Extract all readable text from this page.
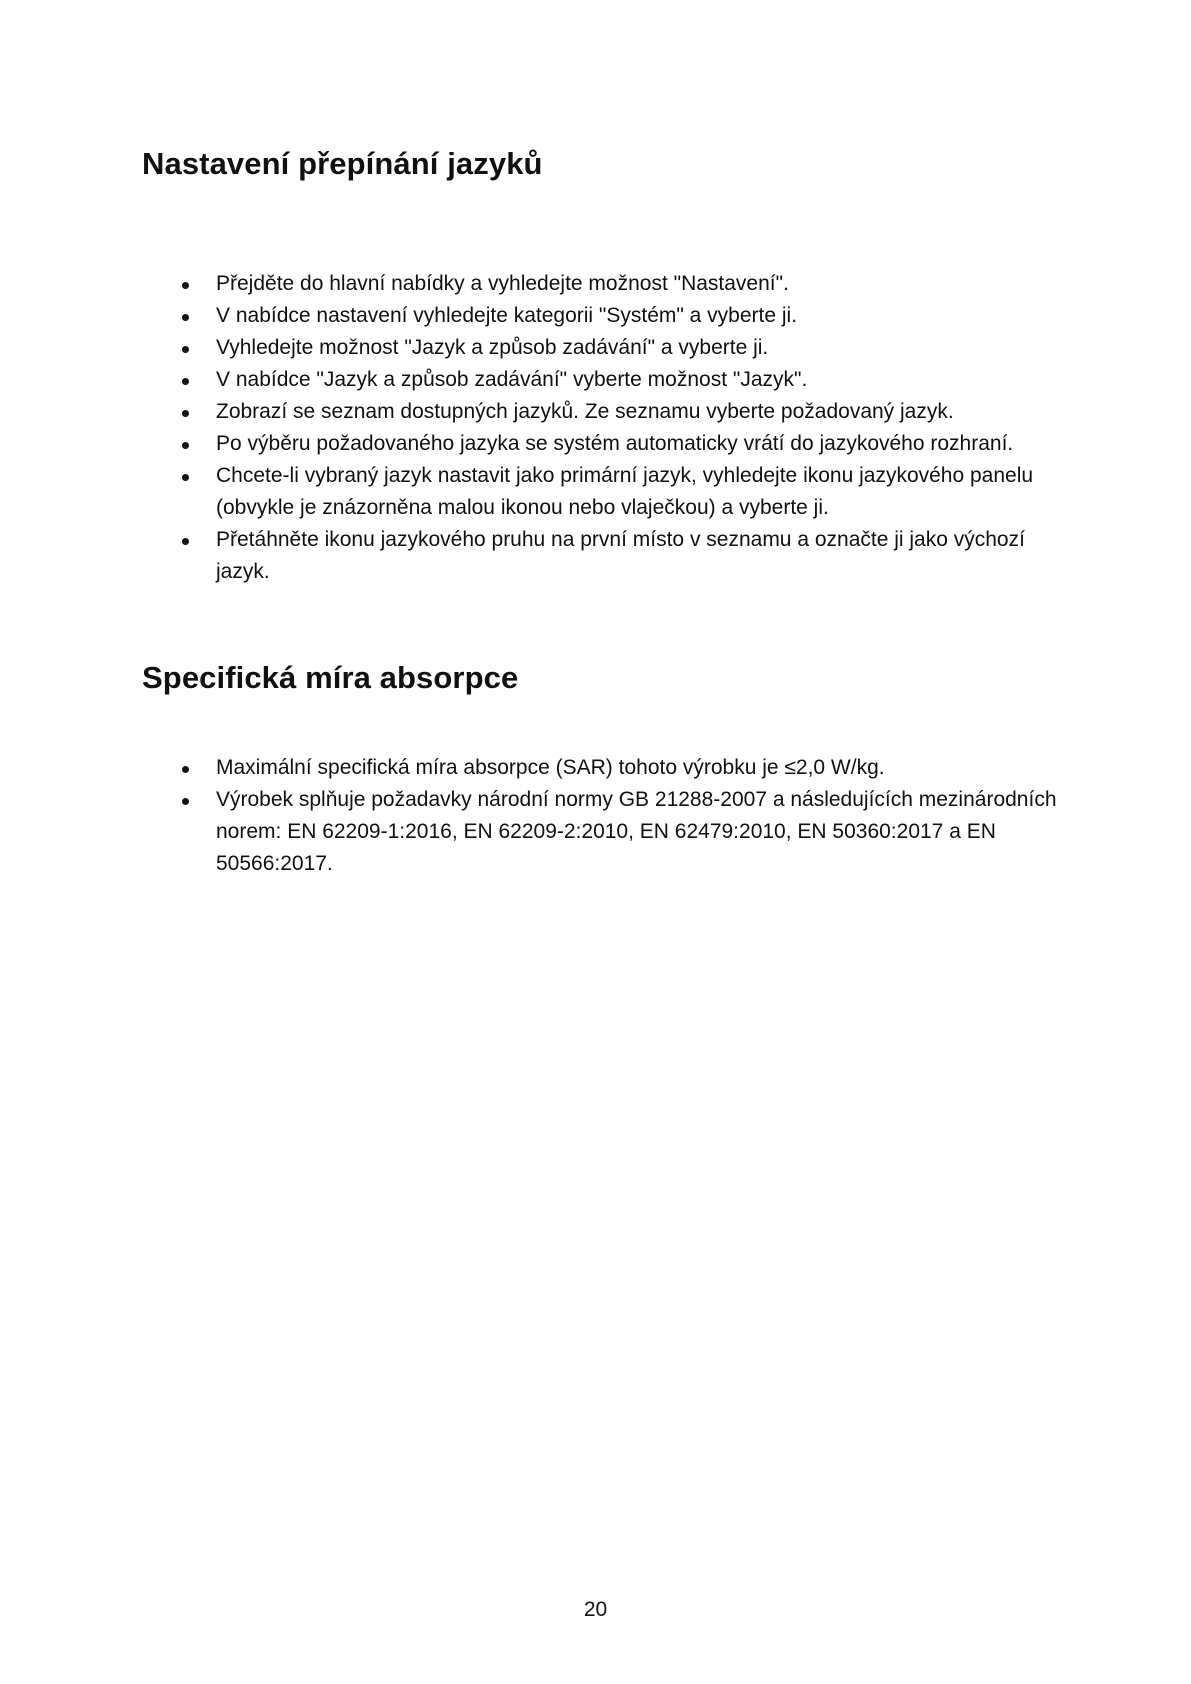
Nastavení přepínání jazyků
Přejděte do hlavní nabídky a vyhledejte možnost "Nastavení".
V nabídce nastavení vyhledejte kategorii "Systém" a vyberte ji.
Vyhledejte možnost "Jazyk a způsob zadávání" a vyberte ji.
V nabídce "Jazyk a způsob zadávání" vyberte možnost "Jazyk".
Zobrazí se seznam dostupných jazyků. Ze seznamu vyberte požadovaný jazyk.
Po výběru požadovaného jazyka se systém automaticky vrátí do jazykového rozhraní.
Chcete-li vybraný jazyk nastavit jako primární jazyk, vyhledejte ikonu jazykového panelu (obvykle je znázorněna malou ikonou nebo vlaječkou) a vyberte ji.
Přetáhněte ikonu jazykového pruhu na první místo v seznamu a označte ji jako výchozí jazyk.
Specifická míra absorpce
Maximální specifická míra absorpce (SAR) tohoto výrobku je ≤2,0 W/kg.
Výrobek splňuje požadavky národní normy GB 21288-2007 a následujících mezinárodních norem: EN 62209-1:2016, EN 62209-2:2010, EN 62479:2010, EN 50360:2017 a EN 50566:2017.
20
